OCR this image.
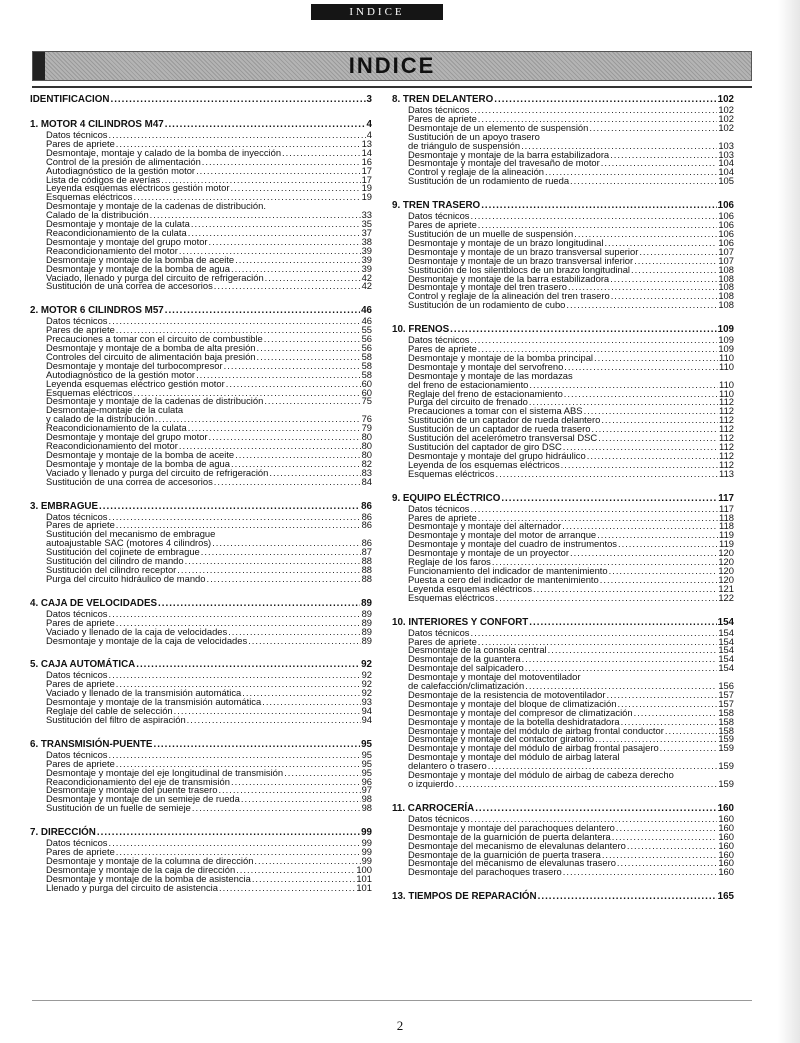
INDICE
INDICE
IDENTIFICACION .....	3
1. MOTOR 4 CILINDROS M47 .....	4
Datos técnicos .....	4
Pares de apriete .....	13
Desmontaje, montaje y calado de la bomba de inyección .....	14
Control de la presión de alimentación .....	16
Autodiagnóstico de la gestión motor .....	17
Lista de códigos de averías .....	17
Leyenda esquemas eléctricos gestión motor .....	19
Esquemas eléctricos .....	19
Desmontaje y montaje de la cadenas de distribución.
Calado de la distribución .....	33
Desmontaje y montaje de la culata .....	35
Reacondicionamiento de la culata .....	37
Desmontaje y montaje del grupo motor .....	38
Reacondicionamiento del motor .....	39
Desmontaje y montaje de la bomba de aceite .....	39
Desmontaje y montaje de la bomba de agua .....	39
Vaciado, llenado y purga del circuito de refrigeración .....	42
Sustitución de una correa de accesorios .....	42
2. MOTOR 6 CILINDROS M57 .....	46
Datos técnicos .....	46
Pares de apriete .....	55
Precauciones a tomar con el circuito de combustible .....	56
Desmontaje y montaje de a bomba de alta presión .....	56
Controles del circuito de alimentación baja presión .....	58
Desmontaje y montaje del turbocompresor .....	58
Autodiagnóstico de la gestión motor .....	58
Leyenda esquemas eléctrico gestión motor .....	60
Esquemas eléctricos .....	60
Desmontaje y montaje de la cadenas de distribución .....	75
Desmontaje-montaje de la culata
y calado de la distribución .....	76
Reacondicionamiento de la culata .....	79
Desmontaje y montaje del grupo motor .....	80
Reacondicionamiento del motor .....	80
Desmontaje y montaje de la bomba de aceite .....	80
Desmontaje y montaje de la bomba de agua .....	82
Vaciado y llenado y purga del circuito de refrigeración .....	83
Sustitución de una correa de accesorios .....	84
3. EMBRAGUE .....	86
Datos técnicos .....	86
Pares de apriete .....	86
Sustitución del mecanismo de embrague
autoajustable SAC (motores 4 cilindros) .....	86
Sustitución del cojinete de embrague .....	87
Sustitución del cilindro de mando .....	88
Sustitución del cilindro receptor .....	88
Purga del circuito hidráulico de mando .....	88
4. CAJA DE VELOCIDADES .....	89
Datos técnicos .....	89
Pares de apriete .....	89
Vaciado y llenado de la caja de velocidades .....	89
Desmontaje y montaje de la caja de velocidades .....	89
5. CAJA AUTOMÁTICA .....	92
Datos técnicos .....	92
Pares de apriete .....	92
Vaciado y llenado de la transmisión automática .....	92
Desmontaje y montaje de la transmisión automática .....	93
Reglaje del cable de selección .....	94
Sustitución del filtro de aspiración .....	94
6. TRANSMISIÓN-PUENTE .....	95
Datos técnicos .....	95
Pares de apriete .....	95
Desmontaje y montaje del eje longitudinal de transmisión .....	95
Reacondicionamiento del eje de transmisión .....	96
Desmontaje y montaje del puente trasero .....	97
Desmontaje y montaje de un semieje de rueda .....	98
Sustitución de un fuelle de semieje .....	98
7. DIRECCIÓN .....	99
Datos técnicos .....	99
Pares de apriete .....	99
Desmontaje y montaje de la columna de dirección .....	99
Desmontaje y montaje de la caja de dirección .....	100
Desmontaje y montaje de la bomba de asistencia .....	101
Llenado y purga del circuito de asistencia .....	101
8. TREN DELANTERO .....	102
Datos técnicos .....	102
Pares de apriete .....	102
Desmontaje de un elemento de suspensión .....	102
Sustitución de un apoyo trasero
de triángulo de suspensión .....	103
Desmontaje y montaje de la barra estabilizadora .....	103
Desmontaje y montaje del travesaño de motor .....	104
Control y reglaje de la alineación .....	104
Sustitución de un rodamiento de rueda .....	105
9. TREN TRASERO .....	106
Datos técnicos .....	106
Pares de apriete .....	106
Sustitución de un muelle de suspensión .....	106
Desmontaje y montaje de un brazo longitudinal .....	106
Desmontaje y montaje de un brazo transversal superior .....	107
Desmontaje y montaje de un brazo transversal inferior .....	107
Sustitución de los silentblocs de un brazo longitudinal .....	108
Desmontaje y montaje de la barra estabilizadora .....	108
Desmontaje y montaje del tren trasero .....	108
Control y reglaje de la alineación del tren trasero .....	108
Sustitución de un rodamiento de cubo .....	108
10. FRENOS .....	109
Datos técnicos .....	109
Pares de apriete .....	109
Desmontaje y montaje de la bomba principal .....	110
Desmontaje y montaje del servofreno .....	110
Desmontaje y montaje de las mordazas
del freno de estacionamiento .....	110
Reglaje del freno de estacionamiento .....	110
Purga del circuito de frenado .....	112
Precauciones a tomar con el sistema ABS .....	112
Sustitución de un captador de rueda delantero .....	112
Sustitución de un captador de rueda trasero .....	112
Sustitución del acelerómetro transversal DSC .....	112
Sustitución del captador de giro DSC .....	112
Desmontaje y montaje del grupo hidráulico .....	112
Leyenda de los esquemas eléctricos .....	112
Esquemas eléctricos .....	113
9. EQUIPO ELÉCTRICO .....	117
Datos técnicos .....	117
Pares de apriete .....	118
Desmontaje y montaje del alternador .....	118
Desmontaje y montaje del motor de arranque .....	119
Desmontaje y montaje del cuadro de instrumentos .....	119
Desmontaje y montaje de un proyector .....	120
Reglaje de los faros .....	120
Funcionamiento del indicador de mantenimiento .....	120
Puesta a cero del indicador de mantenimiento .....	120
Leyenda esquemas eléctricos .....	121
Esquemas eléctricos .....	122
10. INTERIORES Y CONFORT .....	154
Datos técnicos .....	154
Pares de apriete .....	154
Desmontaje de la consola central .....	154
Desmontaje de la guantera .....	154
Desmontaje del salpicadero .....	154
Desmontaje y montaje del motoventilador
de calefacción/climatización .....	156
Desmontaje de la resistencia de motoventilador .....	157
Desmontaje y montaje del bloque de climatización .....	157
Desmontaje y montaje del compresor de climatización .....	158
Desmontaje y montaje de la botella deshidratadora .....	158
Desmontaje y montaje del módulo de airbag frontal conductor .....	158
Desmontaje y montaje del contactor giratorio .....	159
Desmontaje y montaje del módulo de airbag frontal pasajero .....	159
Desmontaje y montaje del módulo de airbag lateral
delantero o trasero .....	159
Desmontaje y montaje del módulo de airbag de cabeza derecho
o izquierdo .....	159
11. CARROCERÍA .....	160
Datos técnicos .....	160
Desmontaje y montaje del parachoques delantero .....	160
Desmontaje de la guarnición de puerta delantera .....	160
Desmontaje del mecanismo de elevalunas delantero .....	160
Desmontaje de la guarnición de puerta trasera .....	160
Desmontaje del mecanismo de elevalunas trasero .....	160
Desmontaje del parachoques trasero .....	160
13. TIEMPOS DE REPARACIÓN .....	165
2
